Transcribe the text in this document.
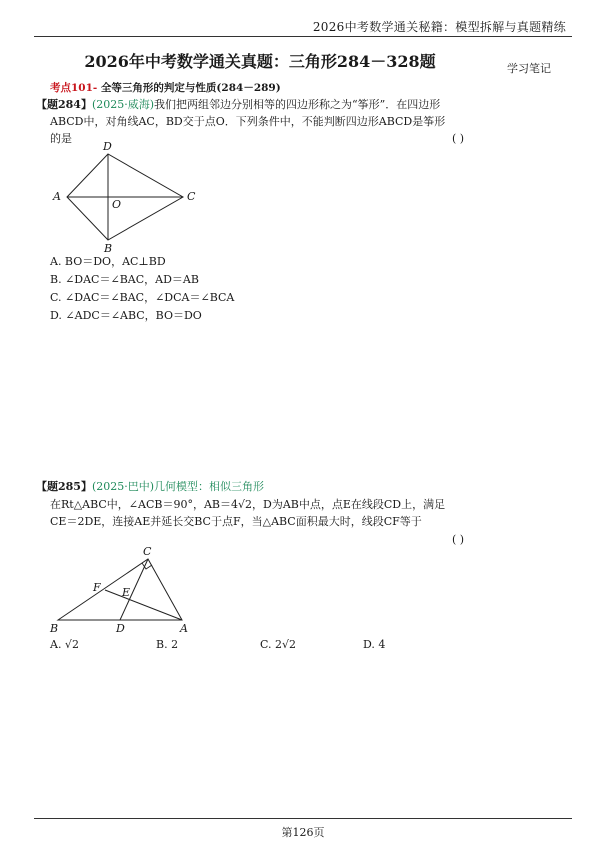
2026中考数学通关秘籍：模型拆解与真题精练
2026年中考数学通关真题：三角形284－328题	学习笔记
考点101- 全等三角形的判定与性质(284－289)
【题284】(2025·威海)我们把两组邻边分别相等的四边形称之为“筝形”．在四边形
ABCD中，对角线AC，BD交于点O．下列条件中，不能判断四边形ABCD是筝形
的是	( )
D
A	C
O
B
A. BO＝DO，AC⊥BD
B. ∠DAC＝∠BAC，AD＝AB
C. ∠DAC＝∠BAC，∠DCA＝∠BCA
D. ∠ADC＝∠ABC，BO＝DO
【题285】(2025·巴中)几何模型：相似三角形
在Rt△ABC中，∠ACB＝90°，AB＝4√2，D为AB中点，点E在线段CD上，满足
CE＝2DE，连接AE并延长交BC于点F，当△ABC面积最大时，线段CF等于
( )
C
F E
B	D	A
A. √2	B. 2	C. 2√2	D. 4
第126页
